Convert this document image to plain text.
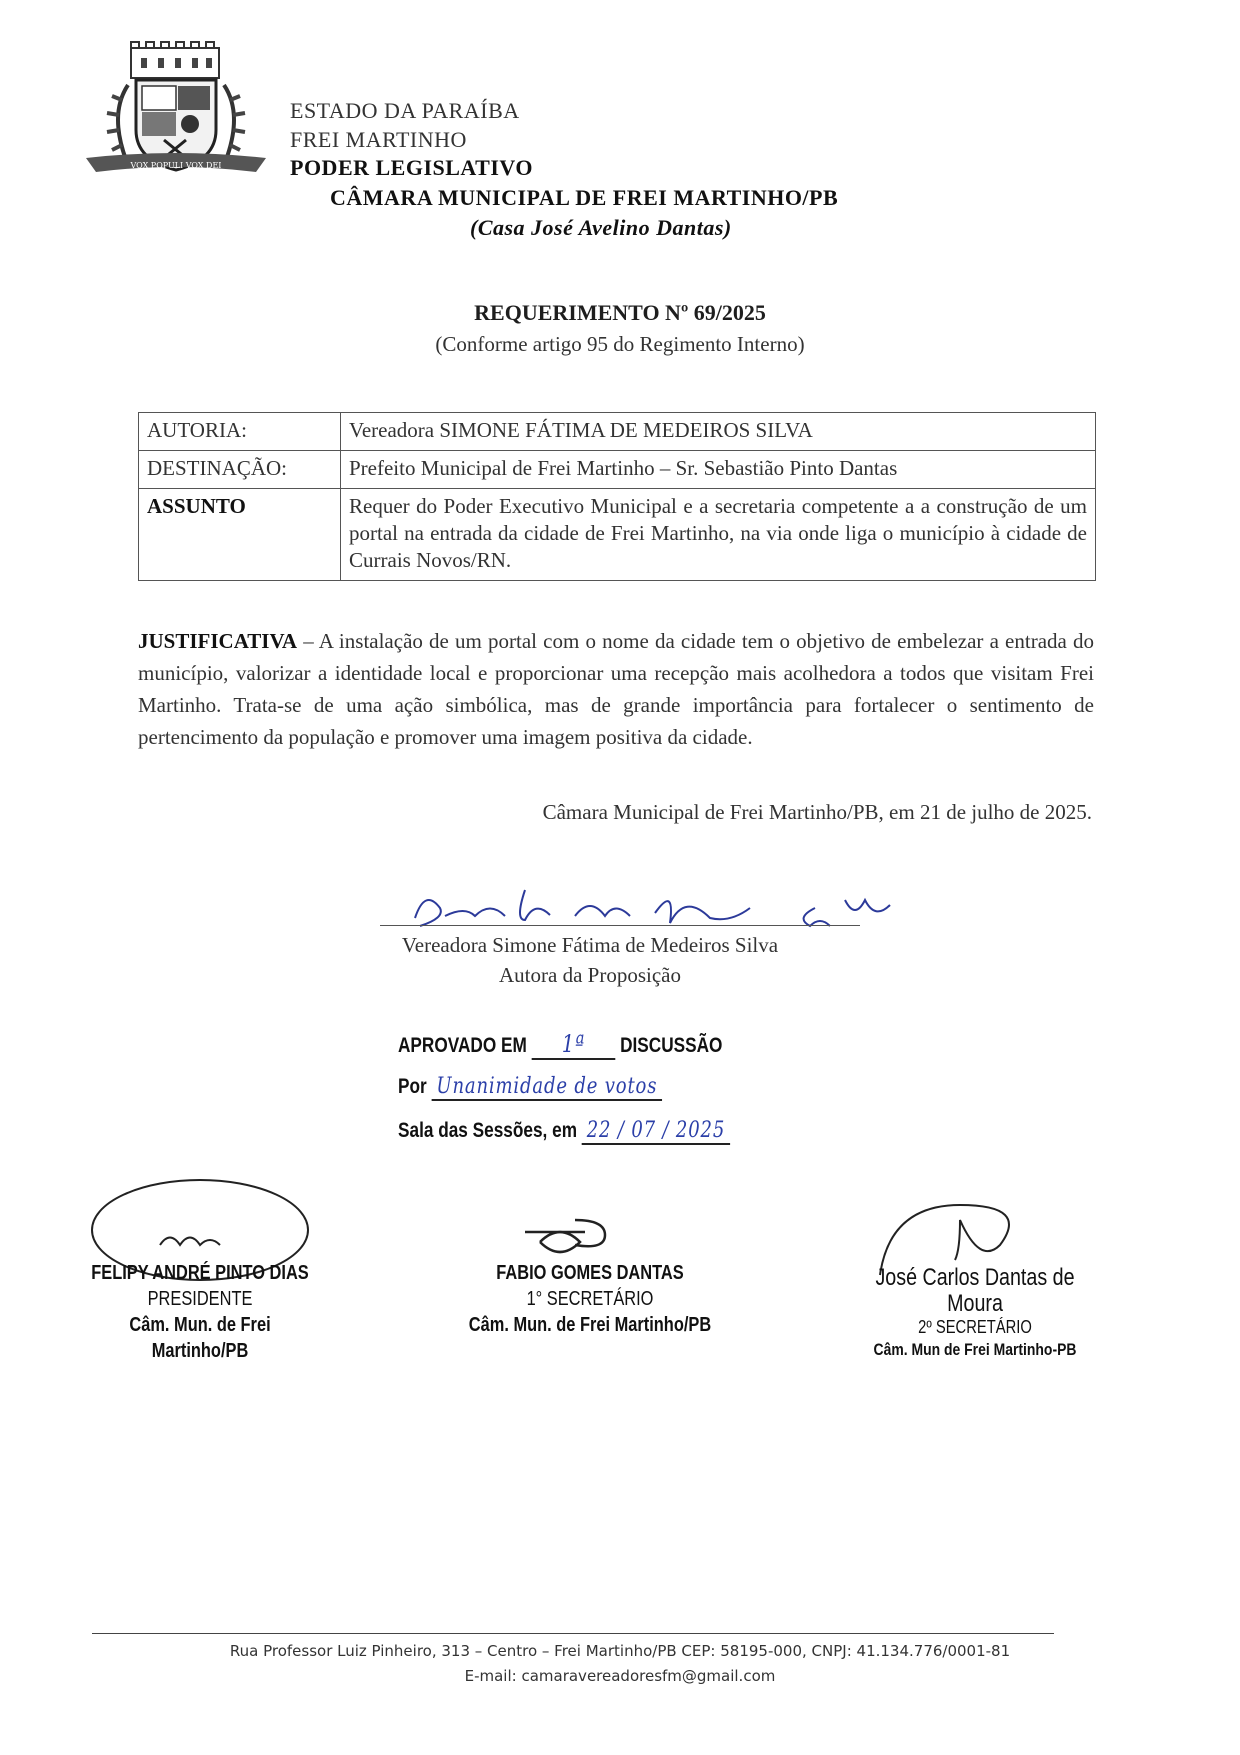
VOX POPULI VOX DEI
ESTADO DA PARAÍBA
FREI MARTINHO
PODER LEGISLATIVO
CÂMARA MUNICIPAL DE FREI MARTINHO/PB
(Casa José Avelino Dantas)
REQUERIMENTO Nº 69/2025
(Conforme artigo 95 do Regimento Interno)
AUTORIA:	Vereadora SIMONE FÁTIMA DE MEDEIROS SILVA
DESTINAÇÃO:	Prefeito Municipal de Frei Martinho – Sr. Sebastião Pinto Dantas
ASSUNTO	Requer do Poder Executivo Municipal e a secretaria competente a a construção de um portal na entrada da cidade de Frei Martinho, na via onde liga o município à cidade de Currais Novos/RN.
JUSTIFICATIVA – A instalação de um portal com o nome da cidade tem o objetivo de embelezar a entrada do município, valorizar a identidade local e proporcionar uma recepção mais acolhedora a todos que visitam Frei Martinho. Trata-se de uma ação simbólica, mas de grande importância para fortalecer o sentimento de pertencimento da população e promover uma imagem positiva da cidade.
Câmara Municipal de Frei Martinho/PB, em 21 de julho de 2025.
Vereadora Simone Fátima de Medeiros Silva
Autora da Proposição
APROVADO EM 1ª DISCUSSÃO
Por Unanimidade de votos
Sala das Sessões, em 22 / 07 / 2025
FELIPY ANDRÉ PINTO DIAS
PRESIDENTE
Câm. Mun. de Frei Martinho/PB
FABIO GOMES DANTAS
1° SECRETÁRIO
Câm. Mun. de Frei Martinho/PB
José Carlos Dantas de Moura
2º SECRETÁRIO
Câm. Mun de Frei Martinho-PB
Rua Professor Luiz Pinheiro, 313 – Centro – Frei Martinho/PB CEP: 58195-000, CNPJ: 41.134.776/0001-81
E-mail: camaravereadoresfm@gmail.com
